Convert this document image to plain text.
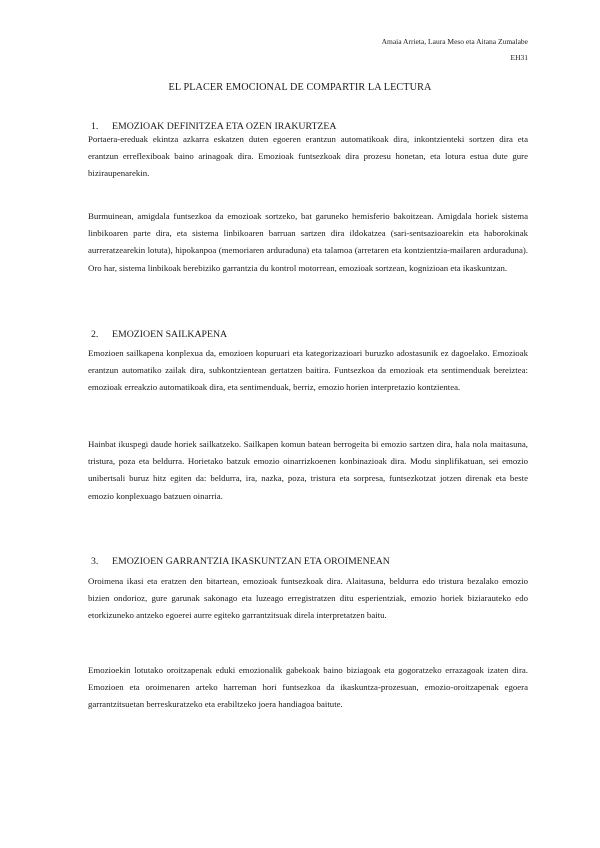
Amaia Arrieta, Laura Meso eta Aitana Zumalabe
EH31
EL PLACER EMOCIONAL DE COMPARTIR LA LECTURA
1. EMOZIOAK DEFINITZEA ETA OZEN IRAKURTZEA

Portaera-ereduak ekintza azkarra eskatzen duten egoeren erantzun automatikoak dira, inkontzienteki sortzen dira eta erantzun erreflexiboak baino arinagoak dira. Emozioak funtsezkoak dira prozesu honetan, eta lotura estua dute gure biziraupenarekin.

Burmuinean, amigdala funtsezkoa da emozioak sortzeko, bat garuneko hemisferio bakoitzean. Amigdala horiek sistema linbikoaren parte dira, eta sistema linbikoaren barruan sartzen dira ildokatzea (sari-sentsazioarekin eta haborokinak aurreratzearekin lotuta), hipokanpoa (memoriaren arduraduna) eta talamoa (arretaren eta kontzientzia-mailaren arduraduna). Oro har, sistema linbikoak berebiziko garrantzia du kontrol motorrean, emozioak sortzean, kognizioan eta ikaskuntzan.

2. EMOZIOEN SAILKAPENA

Emozioen sailkapena konplexua da, emozioen kopuruari eta kategorizazioari buruzko adostasunik ez dagoelako. Emozioak erantzun automatiko zailak dira, subkontzientean gertatzen baitira. Funtsezkoa da emozioak eta sentimenduak bereiztea: emozioak erreakzio automatikoak dira, eta sentimenduak, berriz, emozio horien interpretazio kontzientea.

Hainbat ikuspegi daude horiek sailkatzeko. Sailkapen komun batean berrogeita bi emozio sartzen dira, hala nola maitasuna, tristura, poza eta beldurra. Horietako batzuk emozio oinarrizkoenen konbinazioak dira. Modu sinplifikatuan, sei emozio unibertsali buruz hitz egiten da: beldurra, ira, nazka, poza, tristura eta sorpresa, funtsezkotzat jotzen direnak eta beste emozio konplexuago batzuen oinarria.

3. EMOZIOEN GARRANTZIA IKASKUNTZAN ETA OROIMENEAN

Oroimena ikasi eta eratzen den bitartean, emozioak funtsezkoak dira. Alaitasuna, beldurra edo tristura bezalako emozio bizien ondorioz, gure garunak sakonago eta luzeago erregistratzen ditu esperientziak, emozio horiek biziarauteko edo etorkizuneko antzeko egoerei aurre egiteko garrantzitsuak direla interpretatzen baitu.

Emozioekin lotutako oroitzapenak eduki emozionalik gabekoak baino biziagoak eta gogoratzeko errazagoak izaten dira. Emozioen eta oroimenaren arteko harreman hori funtsezkoa da ikaskuntza-prozesuan, emozio-oroitzapenak egoera garrantzitsuetan berreskuratzeko eta erabiltzeko joera handiagoa baitute.
